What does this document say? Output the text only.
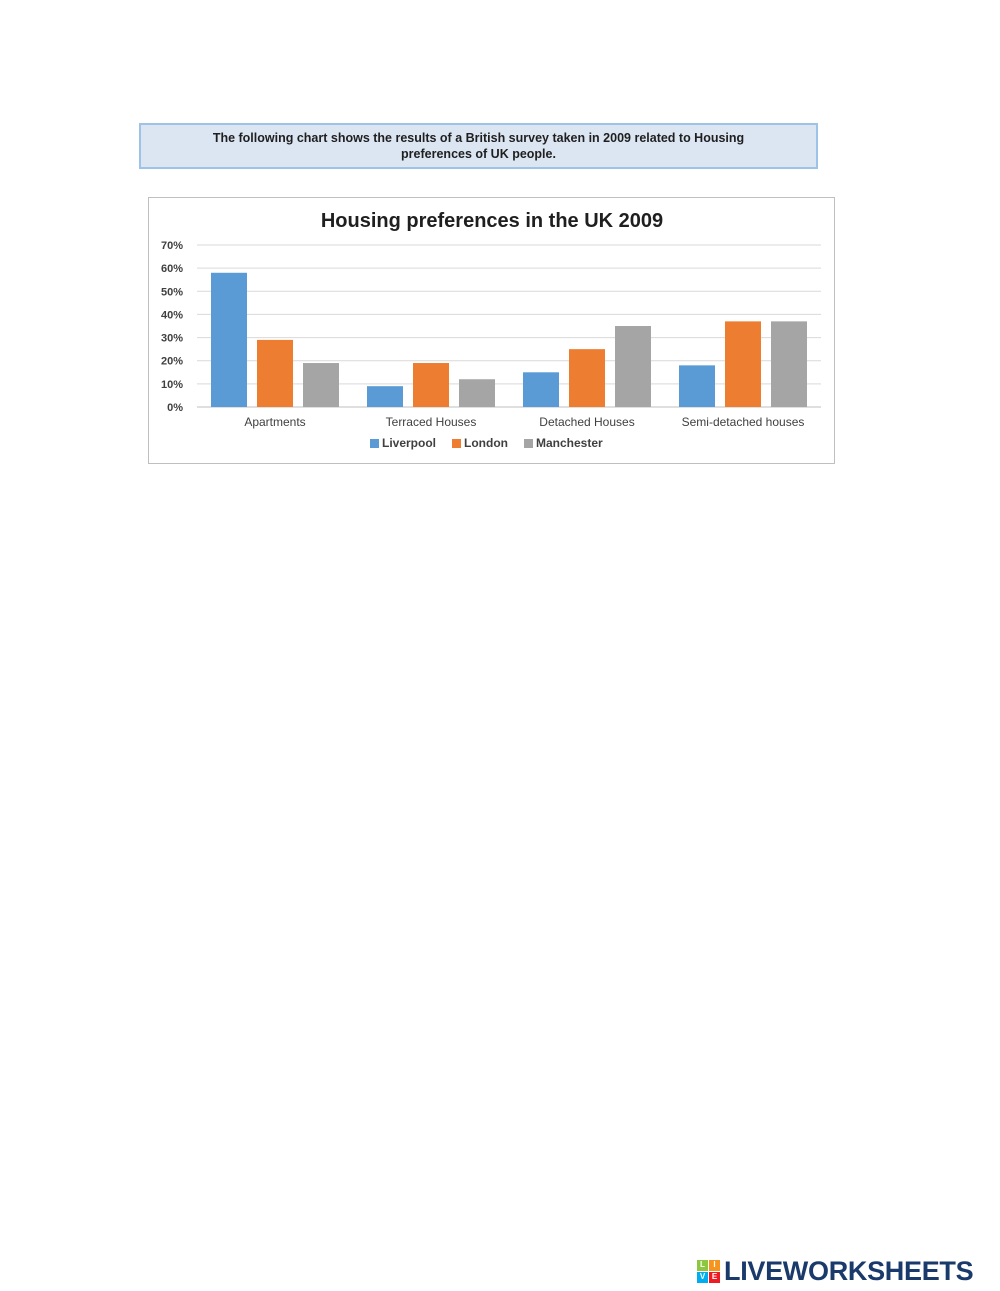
The following chart shows the results of a British survey taken in 2009 related to Housing preferences of UK people.
Housing preferences in the UK 2009
0%
10%
20%
30%
40%
50%
60%
70%
Apartments	Terraced Houses	Detached Houses	Semi-detached houses
Liverpool London Manchester
L	I
V E LIVEWORKSHEETS
